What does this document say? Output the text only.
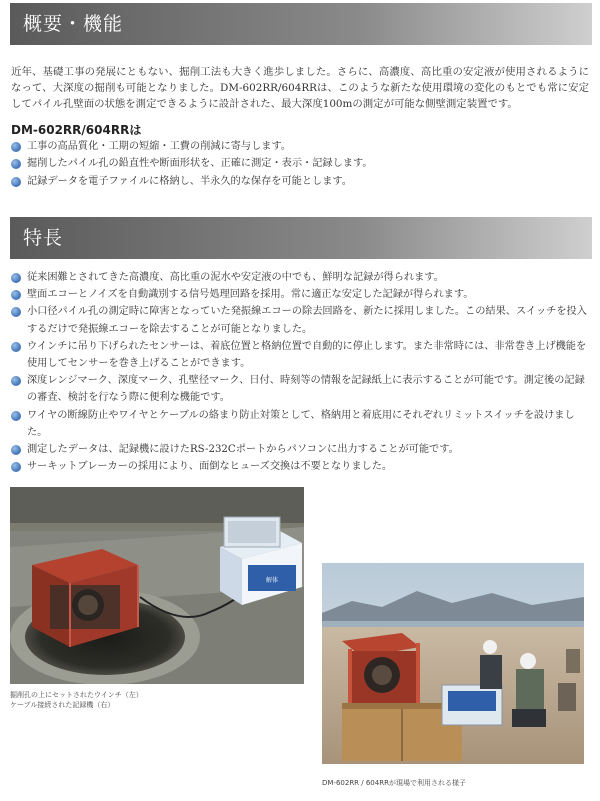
概要・機能

近年、基礎工事の発展にともない、掘削工法も大きく進歩しました。さらに、高濃度、高比重の安定液が使用されるようになって、大深度の掘削も可能となりました。DM-602RR/604RRは、このような新たな使用環境の変化のもとでも常に安定してパイル孔壁面の状態を測定できるように設計された、最大深度100mの測定が可能な側壁測定装置です。

DM-602RR/604RRは
工事の高品質化・工期の短縮・工費の削減に寄与します。
掘削したパイル孔の鉛直性や断面形状を、正確に測定・表示・記録します。
記録データを電子ファイルに格納し、半永久的な保存を可能とします。
特長
従来困難とされてきた高濃度、高比重の泥水や安定液の中でも、鮮明な記録が得られます。
壁面エコーとノイズを自動識別する信号処理回路を採用。常に適正な安定した記録が得られます。
小口径パイル孔の測定時に障害となっていた発振線エコーの除去回路を、新たに採用しました。この結果、スイッチを投入するだけで発振線エコーを除去することが可能となりました。
ウインチに吊り下げられたセンサーは、着底位置と格納位置で自動的に停止します。また非常時には、非常巻き上げ機能を使用してセンサーを巻き上げることができます。
深度レンジマーク、深度マーク、孔壁径マーク、日付、時刻等の情報を記録紙上に表示することが可能です。測定後の記録の審査、検討を行なう際に便利な機能です。
ワイヤの断線防止やワイヤとケーブルの絡まり防止対策として、格納用と着底用にそれぞれリミットスイッチを設けました。
測定したデータは、記録機に設けたRS-232Cポートからパソコンに出力することが可能です。
サーキットブレーカーの採用により、面倒なヒューズ交換は不要となりました。
解体
掘削孔の上にセットされたウインチ（左）
ケーブル接続された記録機（右）
DM-602RR / 604RRが現場で利用される様子
